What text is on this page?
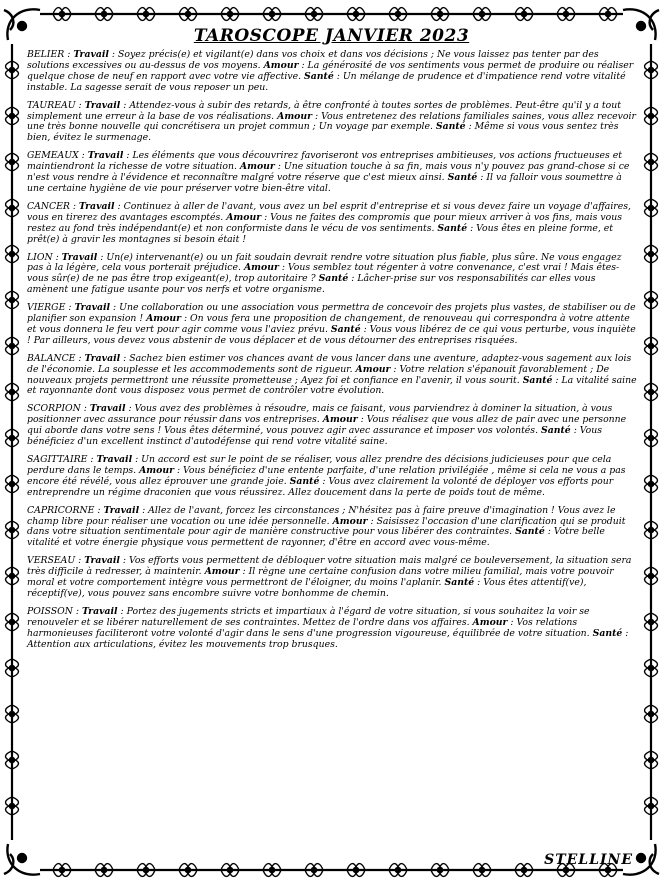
TAROSCOPE JANVIER 2023
BELIER : Travail : Soyez précis(e) et vigilant(e) dans vos choix et dans vos décisions ; Ne vous laissez pas tenter par des solutions excessives ou au-dessus de vos moyens. Amour : La générosité de vos sentiments vous permet de produire ou réaliser quelque chose de neuf en rapport avec votre vie affective. Santé : Un mélange de prudence et d'impatience rend votre vitalité instable. La sagesse serait de vous reposer un peu.
TAUREAU : Travail : Attendez-vous à subir des retards, à être confronté à toutes sortes de problèmes. Peut-être qu'il y a tout simplement une erreur à la base de vos réalisations. Amour : Vous entretenez des relations familiales saines, vous allez recevoir une très bonne nouvelle qui concrétisera un projet commun ; Un voyage par exemple. Santé : Même si vous vous sentez très bien, évitez le surmenage.
GEMEAUX : Travail : Les éléments que vous découvrirez favoriseront vos entreprises ambitieuses, vos actions fructueuses et maintiendront la richesse de votre situation. Amour : Une situation touche à sa fin, mais vous n'y pouvez pas grand-chose si ce n'est vous rendre à l'évidence et reconnaître malgré votre réserve que c'est mieux ainsi. Santé : Il va falloir vous soumettre à une certaine hygiène de vie pour préserver votre bien-être vital.
CANCER : Travail : Continuez à aller de l'avant, vous avez un bel esprit d'entreprise et si vous devez faire un voyage d'affaires, vous en tirerez des avantages escomptés. Amour : Vous ne faites des compromis que pour mieux arriver à vos fins, mais vous restez au fond très indépendant(e) et non conformiste dans le vécu de vos sentiments. Santé : Vous êtes en pleine forme, et prêt(e) à gravir les montagnes si besoin était !
LION : Travail : Un(e) intervenant(e) ou un fait soudain devrait rendre votre situation plus fiable, plus sûre. Ne vous engagez pas à la légère, cela vous porterait préjudice. Amour : Vous semblez tout régenter à votre convenance, c'est vrai ! Mais êtes- vous sûr(e) de ne pas être trop exigeant(e), trop autoritaire ? Santé : Lâcher-prise sur vos responsabilités car elles vous amènent une fatigue usante pour vos nerfs et votre organisme.
VIERGE : Travail : Une collaboration ou une association vous permettra de concevoir des projets plus vastes, de stabiliser ou de planifier son expansion ! Amour : On vous fera une proposition de changement, de renouveau qui correspondra à votre attente et vous donnera le feu vert pour agir comme vous l'aviez prévu. Santé : Vous vous libérez de ce qui vous perturbe, vous inquiète ! Par ailleurs, vous devez vous abstenir de vous déplacer et de vous détourner des entreprises risquées.
BALANCE : Travail : Sachez bien estimer vos chances avant de vous lancer dans une aventure, adaptez-vous sagement aux lois de l'économie. La souplesse et les accommodements sont de rigueur. Amour : Votre relation s'épanouit favorablement ; De nouveaux projets permettront une réussite prometteuse ; Ayez foi et confiance en l'avenir, il vous sourit. Santé : La vitalité saine et rayonnante dont vous disposez vous permet de contrôler votre évolution.
SCORPION : Travail : Vous avez des problèmes à résoudre, mais ce faisant, vous parviendrez à dominer la situation, à vous positionner avec assurance pour réussir dans vos entreprises. Amour : Vous réalisez que vous allez de pair avec une personne qui aborde dans votre sens ! Vous êtes déterminé, vous pouvez agir avec assurance et imposer vos volontés. Santé : Vous bénéficiez d'un excellent instinct d'autodéfense qui rend votre vitalité saine.
SAGITTAIRE : Travail : Un accord est sur le point de se réaliser, vous allez prendre des décisions judicieuses pour que cela perdure dans le temps. Amour : Vous bénéficiez d'une entente parfaite, d'une relation privilégiée , même si cela ne vous a pas encore été révélé, vous allez éprouver une grande joie. Santé : Vous avez clairement la volonté de déployer vos efforts pour entreprendre un régime draconien que vous réussirez. Allez doucement dans la perte de poids tout de même.
CAPRICORNE : Travail : Allez de l'avant, forcez les circonstances ; N'hésitez pas à faire preuve d'imagination ! Vous avez le champ libre pour réaliser une vocation ou une idée personnelle. Amour : Saisissez l'occasion d'une clarification qui se produit dans votre situation sentimentale pour agir de manière constructive pour vous libérer des contraintes. Santé : Votre belle vitalité et votre énergie physique vous permettent de rayonner, d'être en accord avec vous-même.
VERSEAU : Travail : Vos efforts vous permettent de débloquer votre situation mais malgré ce bouleversement, la situation sera très difficile à redresser, à maintenir. Amour : Il règne une certaine confusion dans votre milieu familial, mais votre pouvoir moral et votre comportement intègre vous permettront de l'éloigner, du moins l'aplanir. Santé : Vous êtes attentif(ve), réceptif(ve), vous pouvez sans encombre suivre votre bonhomme de chemin.
POISSON : Travail : Portez des jugements stricts et impartiaux à l'égard de votre situation, si vous souhaitez la voir se renouveler et se libérer naturellement de ses contraintes. Mettez de l'ordre dans vos affaires. Amour : Vos relations harmonieuses faciliteront votre volonté d'agir dans le sens d'une progression vigoureuse, équilibrée de votre situation. Santé : Attention aux articulations, évitez les mouvements trop brusques.
STELLINE
